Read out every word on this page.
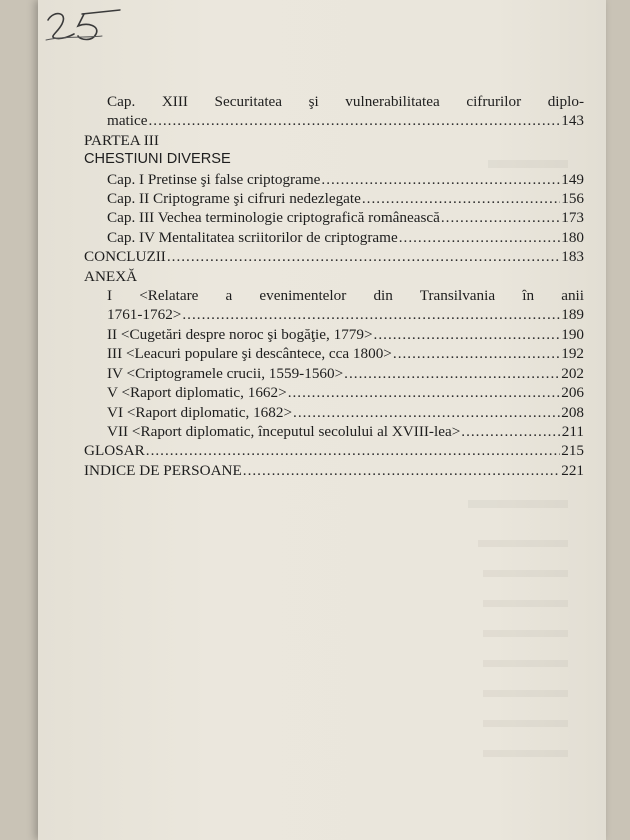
Cap. XIII Securitatea şi vulnerabilitatea cifrurilor diplo-
matice .....	143
PARTEA III
CHESTIUNI DIVERSE
Cap. I Pretinse şi false criptograme .....	149
Cap. II Criptograme şi cifruri nedezlegate .....	156
Cap. III Vechea terminologie criptografică românească .....	173
Cap. IV Mentalitatea scriitorilor de criptograme .....	180
CONCLUZII .....	183
ANEXĂ
I <Relatare a evenimentelor din Transilvania în anii
1761-1762> .....	189
II <Cugetări despre noroc şi bogăţie, 1779> .....	190
III <Leacuri populare şi descântece, cca 1800> .....	192
IV <Criptogramele crucii, 1559-1560> .....	202
V <Raport diplomatic, 1662> .....	206
VI <Raport diplomatic, 1682> .....	208
VII <Raport diplomatic, începutul secolului al XVIII-lea> .....	211
GLOSAR .....	215
INDICE DE PERSOANE .....	221
